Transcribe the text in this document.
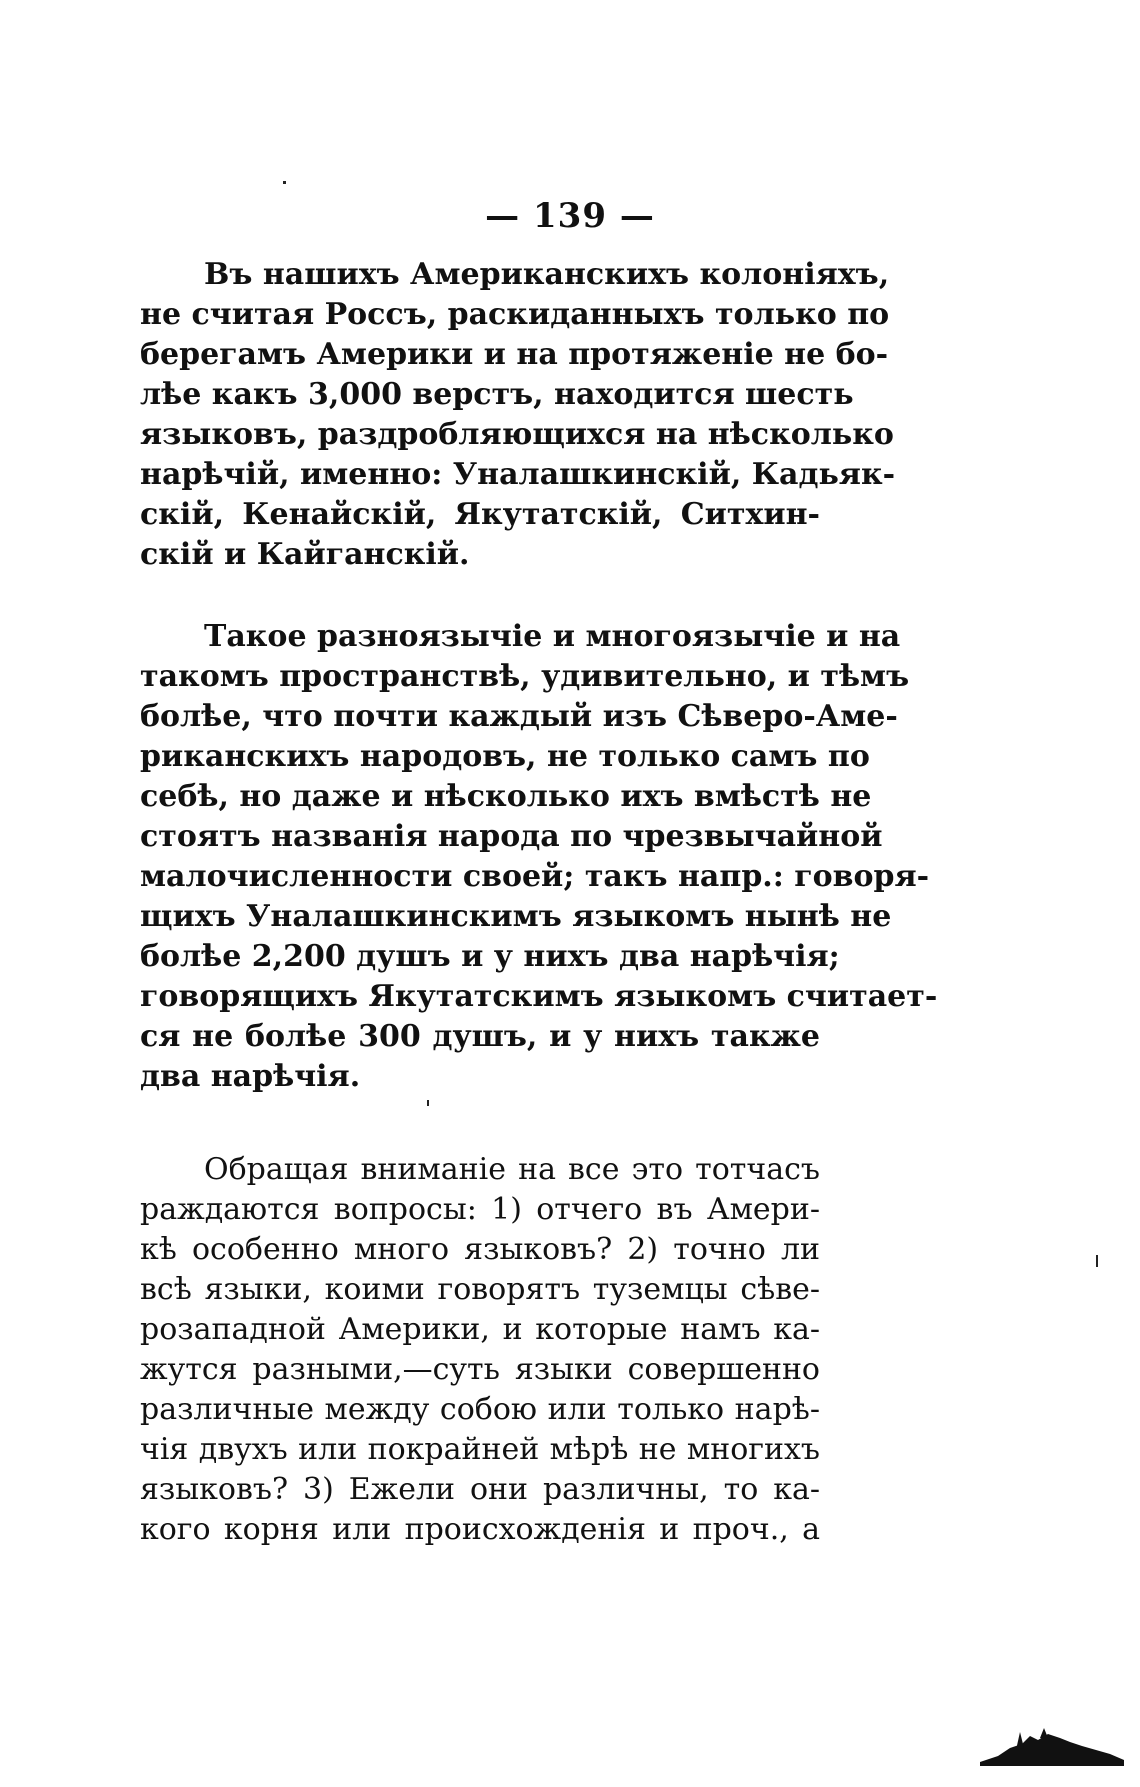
— 139 —
Въ нашихъ Американскихъ колоніяхъ,
не считая Россъ, раскиданныхъ только по
берегамъ Америки и на протяженіе не бо-
лѣе какъ 3,000 верстъ, находится шесть
языковъ, раздробляющихся на нѣсколько
нарѣчій, именно: Уналашкинскій, Кадьяк-
скій, Кенайскій, Якутатскій, Ситхин-
скій и Кайганскій.
Такое разноязычіе и многоязычіе и на
такомъ пространствѣ, удивительно, и тѣмъ
болѣе, что почти каждый изъ Сѣверо-Аме-
риканскихъ народовъ, не только самъ по
себѣ, но даже и нѣсколько ихъ вмѣстѣ не
стоятъ названія народа по чрезвычайной
малочисленности своей; такъ напр.: говоря-
щихъ Уналашкинскимъ языкомъ нынѣ не
болѣе 2,200 душъ и у нихъ два нарѣчія;
говорящихъ Якутатскимъ языкомъ считает-
ся не болѣе 300 душъ, и у нихъ также
два нарѣчія.
Обращая вниманіе на все это тотчасъ
раждаются вопросы: 1) отчего въ Амери-
кѣ особенно много языковъ? 2) точно ли
всѣ языки, коими говорятъ туземцы сѣве-
розападной Америки, и которые намъ ка-
жутся разными,—суть языки совершенно
различные между собою или только нарѣ-
чія двухъ или покрайней мѣрѣ не многихъ
языковъ? 3) Ежели они различны, то ка-
кого корня или происхожденія и проч., а
